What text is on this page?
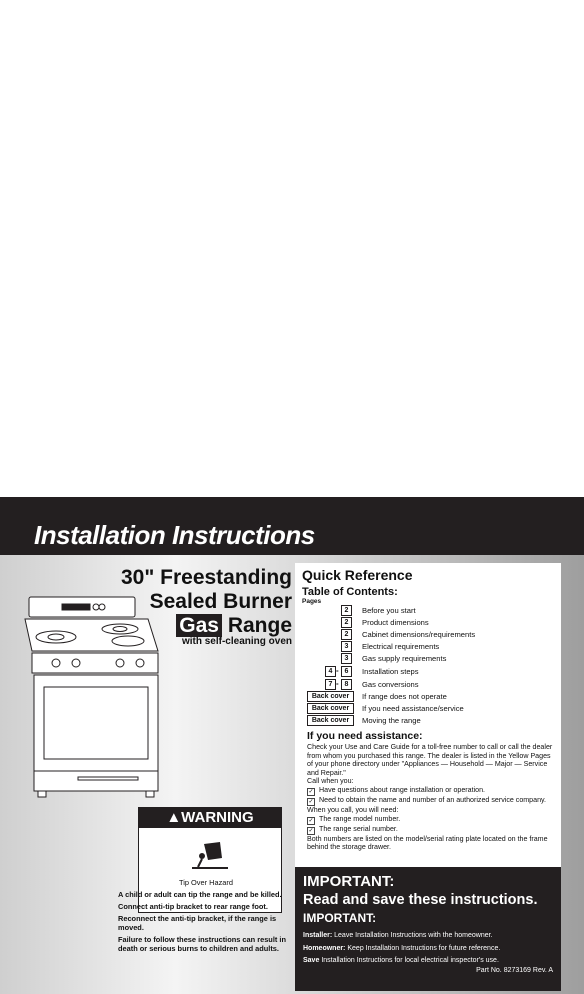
Installation Instructions
30" Freestanding
Sealed Burner
Gas Range
with self-cleaning oven
▲WARNING
Tip Over Hazard

A child or adult can tip the range and be killed.

Connect anti-tip bracket to rear range foot.

Reconnect the anti-tip bracket, if the range is moved.

Failure to follow these instructions can result in death or serious burns to children and adults.

Quick Reference
Table of Contents:
Pages
2	Before you start
2	Product dimensions
2	Cabinet dimensions/requirements
3	Electrical requirements
3	Gas supply requirements
4 - 6	Installation steps
7 - 8	Gas conversions
Back cover	If range does not operate
Back cover	If you need assistance/service
Back cover	Moving the range
If you need assistance:
Check your Use and Care Guide for a toll-free number to call or call the dealer from whom you purchased this range. The dealer is listed in the Yellow Pages of your phone directory under "Appliances — Household — Major — Service and Repair."
Call when you:
✓ Have questions about range installation or operation.
✓ Need to obtain the name and number of an authorized service company.
When you call, you will need:
✓ The range model number.
✓ The range serial number.
Both numbers are listed on the model/serial rating plate located on the frame behind the storage drawer.
IMPORTANT:
Read and save these instructions.
IMPORTANT:
Installer: Leave Installation Instructions with the homeowner.
Homeowner: Keep Installation Instructions for future reference.
Save Installation Instructions for local electrical inspector's use.
Part No. 8273169 Rev. A
